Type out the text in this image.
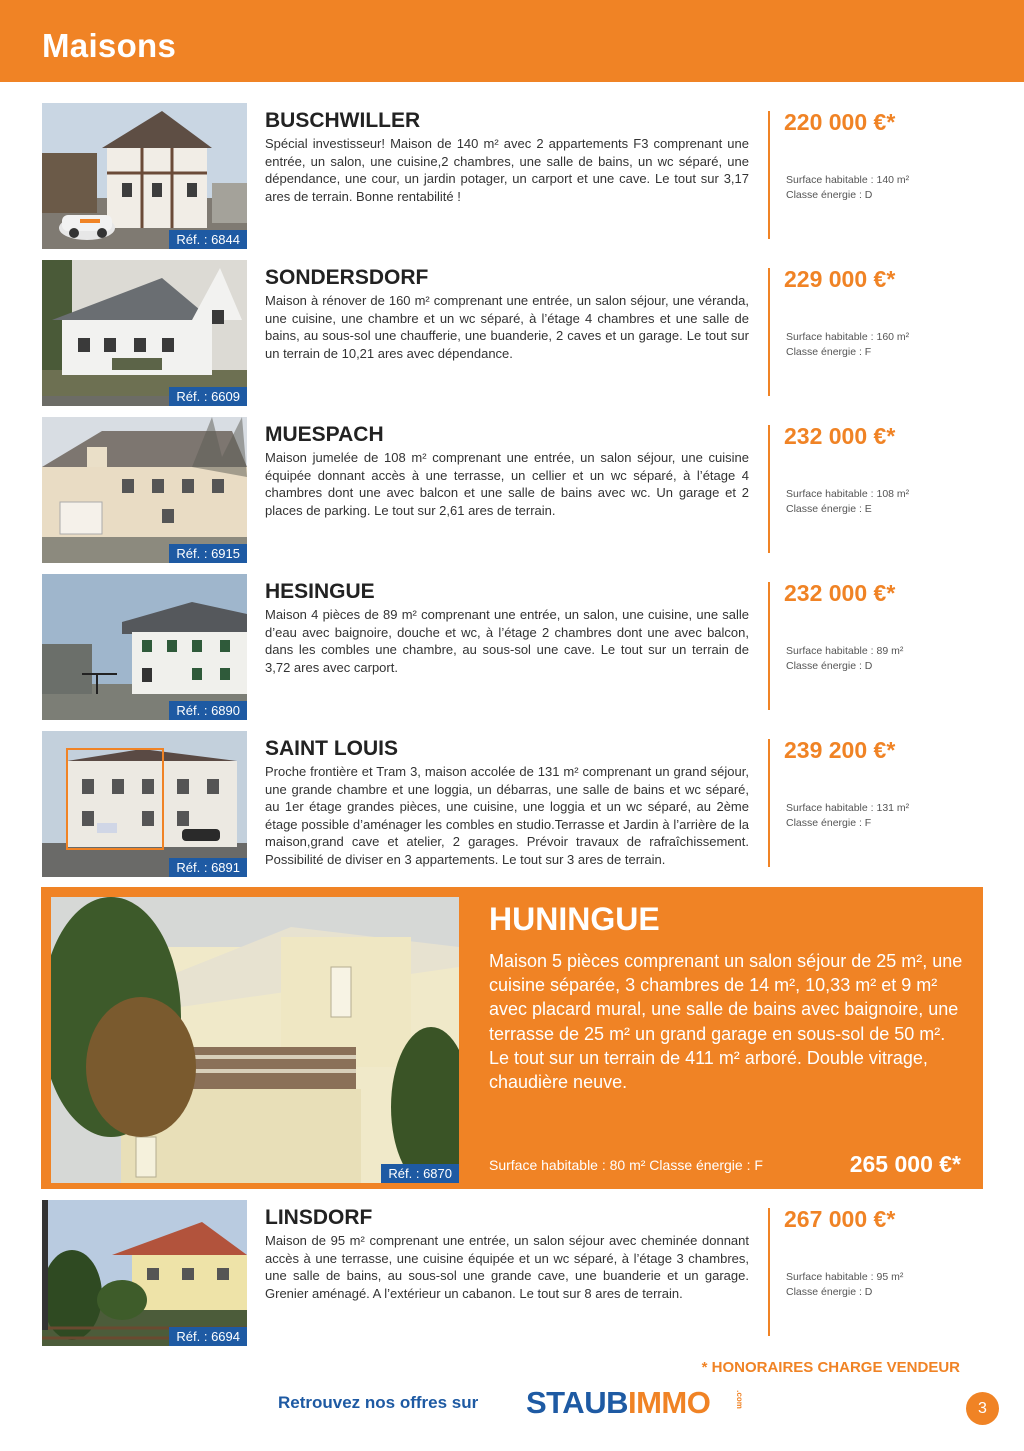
Maisons
Réf. : 6844
BUSCHWILLER
Spécial investisseur! Maison de 140 m² avec 2 appartements F3 comprenant une entrée, un salon, une cuisine,2 chambres, une salle de bains, un wc séparé, une dépendance, une cour, un jardin potager, un carport et une cave. Le tout sur 3,17 ares de terrain. Bonne rentabilité !
220 000 €*
Surface habitable : 140 m²
Classe énergie : D
Réf. : 6609
SONDERSDORF
Maison à rénover de 160 m² comprenant une entrée, un salon séjour, une véranda, une cuisine, une chambre et un wc séparé, à l’étage 4 chambres et une salle de bains, au sous-sol une chaufferie, une buanderie, 2 caves et un garage. Le tout sur un terrain de 10,21 ares avec dépendance.
229 000 €*
Surface habitable : 160 m²
Classe énergie : F
Réf. : 6915
MUESPACH
Maison jumelée de 108 m² comprenant une entrée, un salon séjour, une cuisine équipée donnant accès à une terrasse, un cellier et un wc séparé, à l’étage 4 chambres dont une avec balcon et une salle de bains avec wc. Un garage et 2 places de parking. Le tout sur 2,61 ares de terrain.
232 000 €*
Surface habitable : 108 m²
Classe énergie : E
Réf. : 6890
HESINGUE
Maison 4 pièces de 89 m² comprenant une entrée, un salon, une cuisine, une salle d’eau avec baignoire, douche et wc, à l’étage 2 chambres dont une avec balcon, dans les combles une chambre, au sous-sol une cave. Le tout sur un terrain de 3,72 ares avec carport.
232 000 €*
Surface habitable : 89 m²
Classe énergie : D
Réf. : 6891
SAINT LOUIS
Proche frontière et Tram 3, maison accolée de 131 m² comprenant un grand séjour, une grande chambre et une loggia, un débarras, une salle de bains et wc séparé, au 1er étage grandes pièces, une cuisine, une loggia et un wc séparé, au 2ème étage possible d’aménager les combles en studio.Terrasse et Jardin à l’arrière de la maison,grand cave et atelier, 2 garages. Prévoir travaux de rafraîchissement. Possibilité de diviser en 3 appartements. Le tout sur 3 ares de terrain.
239 200 €*
Surface habitable : 131 m²
Classe énergie : F
Réf. : 6870
HUNINGUE
Maison 5 pièces comprenant un salon séjour de 25 m², une cuisine séparée, 3 chambres de 14 m², 10,33 m² et 9 m² avec placard mural, une salle de bains avec baignoire, une terrasse de 25 m² un grand garage en sous-sol de 50 m². Le tout sur un terrain de 411 m² arboré. Double vitrage, chaudière neuve.
Surface habitable : 80 m² Classe énergie : F	265 000 €*
Réf. : 6694
LINSDORF
Maison de 95 m² comprenant une entrée, un salon séjour avec cheminée donnant accès à une terrasse, une cuisine équipée et un wc séparé, à l’étage 3 chambres, une salle de bains, au sous-sol une grande cave, une buanderie et un garage. Grenier aménagé. A l’extérieur un cabanon. Le tout sur 8 ares de terrain.
267 000 €*
Surface habitable : 95 m²
Classe énergie : D
* HONORAIRES CHARGE VENDEUR
Retrouvez nos offres sur STAUBIMMO	.com	3
